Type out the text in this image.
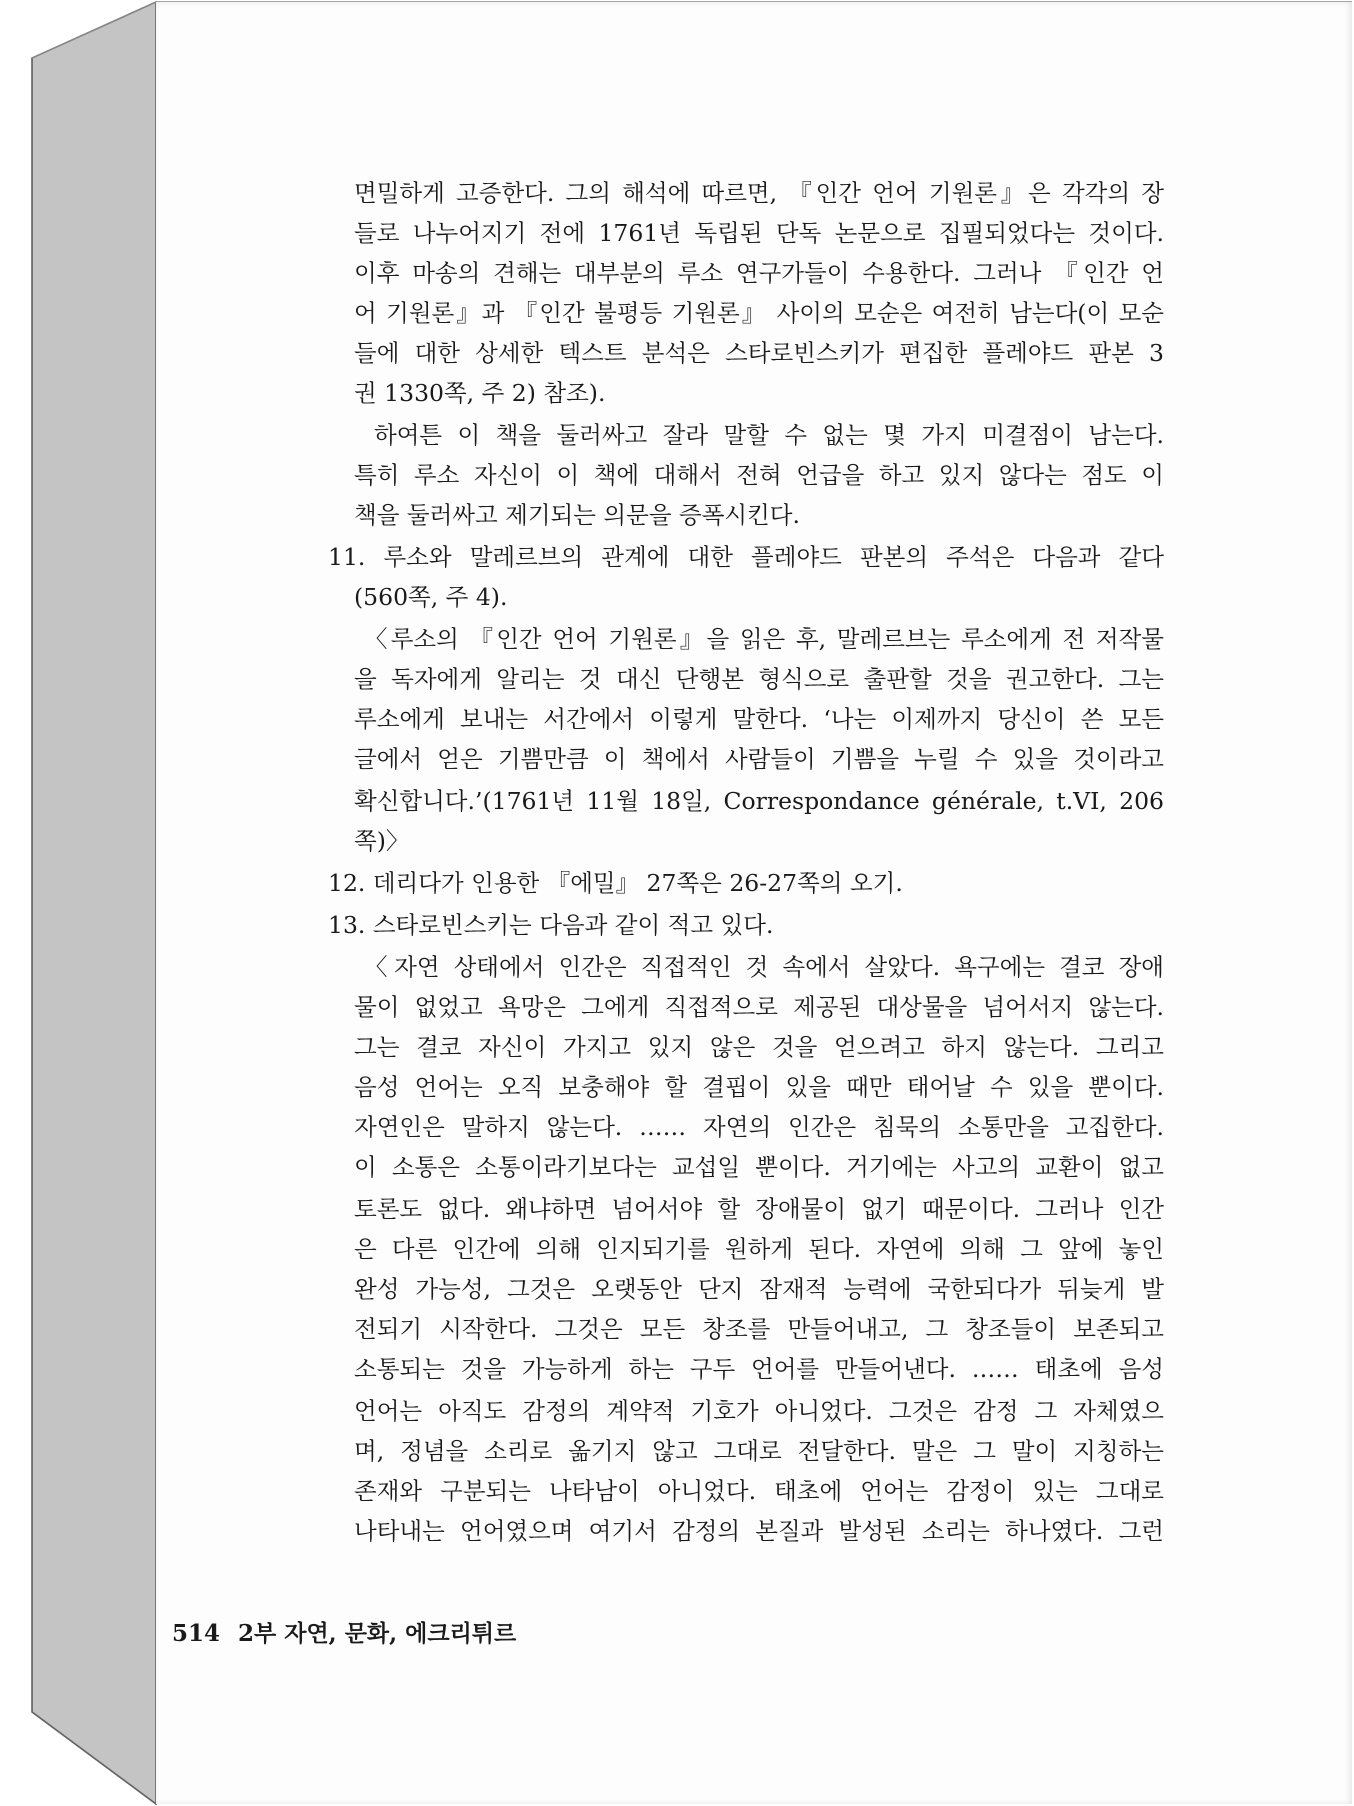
면밀하게 고증한다. 그의 해석에 따르면, 『인간 언어 기원론』은 각각의 장
들로 나누어지기 전에 1761년 독립된 단독 논문으로 집필되었다는 것이다.
이후 마송의 견해는 대부분의 루소 연구가들이 수용한다. 그러나 『인간 언
어 기원론』과 『인간 불평등 기원론』 사이의 모순은 여전히 남는다(이 모순
들에 대한 상세한 텍스트 분석은 스타로빈스키가 편집한 플레야드 판본 3
권 1330쪽, 주 2) 참조).
하여튼 이 책을 둘러싸고 잘라 말할 수 없는 몇 가지 미결점이 남는다.
특히 루소 자신이 이 책에 대해서 전혀 언급을 하고 있지 않다는 점도 이
책을 둘러싸고 제기되는 의문을 증폭시킨다.
11. 루소와 말레르브의 관계에 대한 플레야드 판본의 주석은 다음과 같다
(560쪽, 주 4).
〈루소의 『인간 언어 기원론』을 읽은 후, 말레르브는 루소에게 전 저작물
을 독자에게 알리는 것 대신 단행본 형식으로 출판할 것을 권고한다. 그는
루소에게 보내는 서간에서 이렇게 말한다. ‘나는 이제까지 당신이 쓴 모든
글에서 얻은 기쁨만큼 이 책에서 사람들이 기쁨을 누릴 수 있을 것이라고
확신합니다.’(1761년 11월 18일, Correspondance générale, t.VI, 206
쪽)〉
12. 데리다가 인용한 『에밀』 27쪽은 26-27쪽의 오기.
13. 스타로빈스키는 다음과 같이 적고 있다.
〈자연 상태에서 인간은 직접적인 것 속에서 살았다. 욕구에는 결코 장애
물이 없었고 욕망은 그에게 직접적으로 제공된 대상물을 넘어서지 않는다.
그는 결코 자신이 가지고 있지 않은 것을 얻으려고 하지 않는다. 그리고
음성 언어는 오직 보충해야 할 결핍이 있을 때만 태어날 수 있을 뿐이다.
자연인은 말하지 않는다. …… 자연의 인간은 침묵의 소통만을 고집한다.
이 소통은 소통이라기보다는 교섭일 뿐이다. 거기에는 사고의 교환이 없고
토론도 없다. 왜냐하면 넘어서야 할 장애물이 없기 때문이다. 그러나 인간
은 다른 인간에 의해 인지되기를 원하게 된다. 자연에 의해 그 앞에 놓인
완성 가능성, 그것은 오랫동안 단지 잠재적 능력에 국한되다가 뒤늦게 발
전되기 시작한다. 그것은 모든 창조를 만들어내고, 그 창조들이 보존되고
소통되는 것을 가능하게 하는 구두 언어를 만들어낸다. …… 태초에 음성
언어는 아직도 감정의 계약적 기호가 아니었다. 그것은 감정 그 자체였으
며, 정념을 소리로 옮기지 않고 그대로 전달한다. 말은 그 말이 지칭하는
존재와 구분되는 나타남이 아니었다. 태초에 언어는 감정이 있는 그대로
나타내는 언어였으며 여기서 감정의 본질과 발성된 소리는 하나였다. 그런
514 2부 자연, 문화, 에크리튀르
